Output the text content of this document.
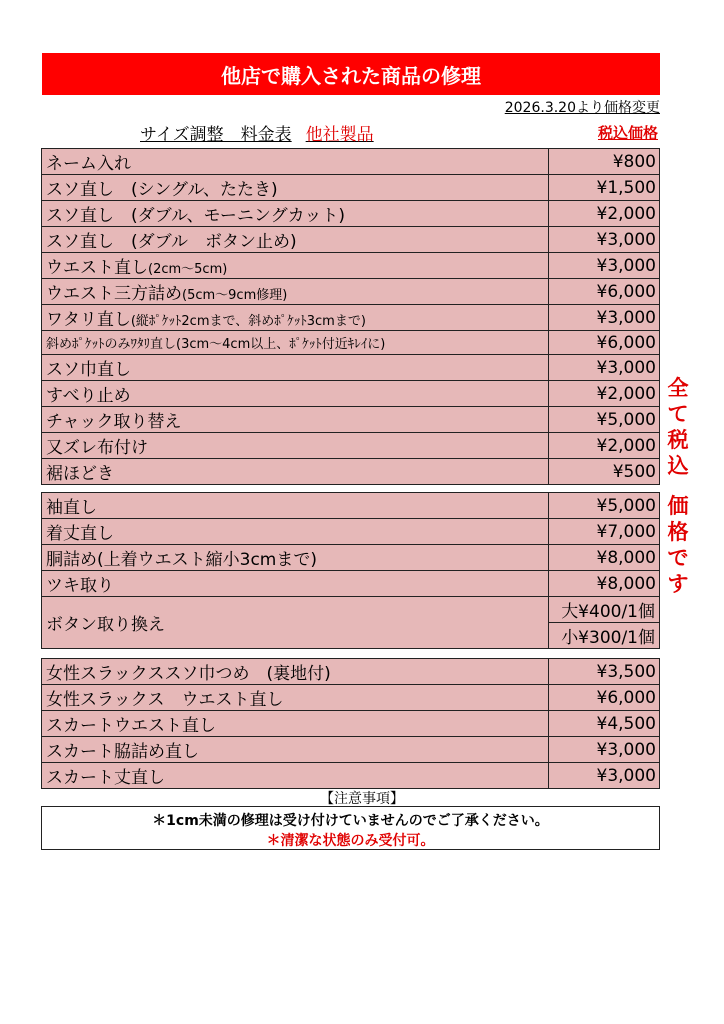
他店で購入された商品の修理
2026.3.20より価格変更
サイズ調整　料金表 他社製品	税込価格
ネーム入れ	¥800
スソ直し　(シングル、たたき)	¥1,500
スソ直し　(ダブル、モーニングカット)	¥2,000
スソ直し　(ダブル　ボタン止め)	¥3,000
ウエスト直し(2cm〜5cm)	¥3,000
ウエスト三方詰め(5cm〜9cm修理)	¥6,000
ワタリ直し(縦ﾎﾟｹｯﾄ2cmまで、斜めﾎﾟｹｯﾄ3cmまで)	¥3,000
斜めﾎﾟｹｯﾄのみﾜﾀﾘ直し(3cm〜4cm以上、ﾎﾟｹｯﾄ付近ｷﾚｲに)	¥6,000
スソ巾直し	¥3,000
すべり止め	¥2,000
チャック取り替え	¥5,000
又ズレ布付け	¥2,000
裾ほどき	¥500
袖直し	¥5,000
着丈直し	¥7,000
胴詰め(上着ウエスト縮小3cmまで)	¥8,000
ツキ取り	¥8,000
ボタン取り換え	大¥400/1個
	小¥300/1個
女性スラックススソ巾つめ　(裏地付)	¥3,500
女性スラックス　ウエスト直し	¥6,000
スカートウエスト直し	¥4,500
スカート脇詰め直し	¥3,000
スカート丈直し	¥3,000
全
て
税
込
価
格
で
す
【注意事項】
＊1cm未満の修理は受け付けていませんのでご了承ください。
＊清潔な状態のみ受付可。
